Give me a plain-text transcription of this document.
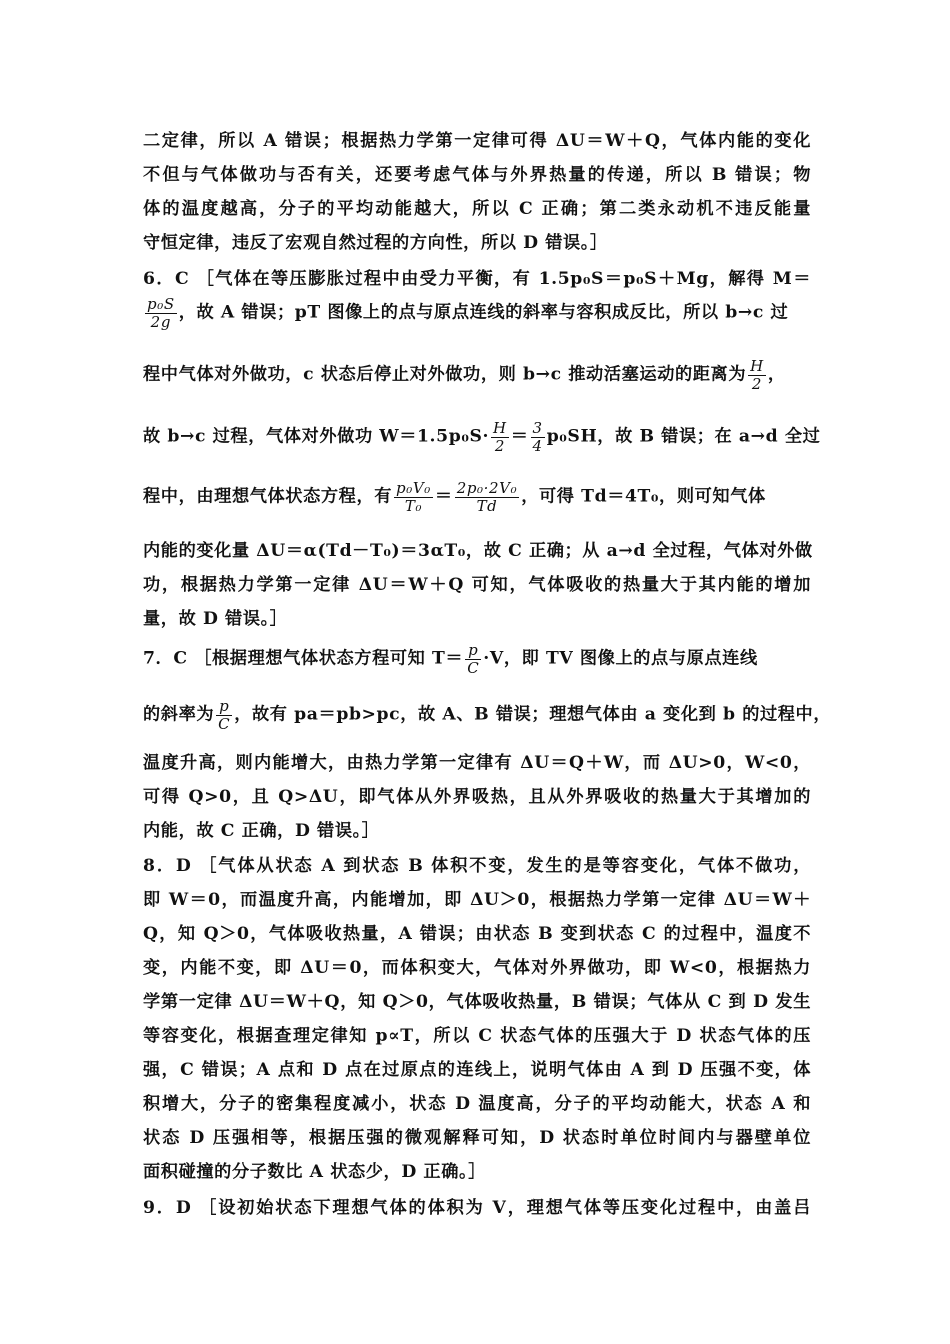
二定律，所以 A 错误；根据热力学第一定律可得 ΔU＝W＋Q，气体内能的变化
不但与气体做功与否有关，还要考虑气体与外界热量的传递，所以 B 错误；物
体的温度越高，分子的平均动能越大，所以 C 正确；第二类永动机不违反能量
守恒定律，违反了宏观自然过程的方向性，所以 D 错误。］
6．C ［气体在等压膨胀过程中由受力平衡，有 1.5p₀S＝p₀S＋Mg，解得 M＝
$\frac{\text{p₀S}}{2g}$ ，故 A 错误；pT 图像上的点与原点连线的斜率与容积成反比，所以 b→c 过
程中气体对外做功，c 状态后停止对外做功，则 b→c 推动活塞运动的距离为 $\frac{H}{2}$ ，
故 b→c 过程，气体对外做功 $W=1.5p_0S\cdot \frac{H}{2} = \frac{3}{4} p_0SH$，故 B 错误；在 a→d 全过
程中，由理想气体状态方程，有 $\frac{\text{p₀V₀}}{\text{T₀}} = \frac{\text{2p₀·2V₀}}{Td}$ ，可得 Td＝4T₀，则可知气体
内能的变化量 ΔU＝α(Td－T₀)＝3αT₀，故 C 正确；从 a→d 全过程，气体对外做
功，根据热力学第一定律 ΔU＝W＋Q 可知，气体吸收的热量大于其内能的增加
量，故 D 错误。］
7．C ［根据理想气体状态方程可知 $T= \frac{p}{C} \cdot V$，即 TV 图像上的点与原点连线
的斜率为 $\frac{p}{C}$ ，故有 pa＝pb>pc，故 A、B 错误；理想气体由 a 变化到 b 的过程中，
温度升高，则内能增大，由热力学第一定律有 ΔU＝Q＋W，而 ΔU>0，W<0，
可得 Q>0，且 Q>ΔU，即气体从外界吸热，且从外界吸收的热量大于其增加的
内能，故 C 正确，D 错误。］
8．D ［气体从状态 A 到状态 B 体积不变，发生的是等容变化，气体不做功，
即 W＝0，而温度升高，内能增加，即 ΔU＞0，根据热力学第一定律 ΔU＝W＋
Q，知 Q＞0，气体吸收热量，A 错误；由状态 B 变到状态 C 的过程中，温度不
变，内能不变，即 ΔU＝0，而体积变大，气体对外界做功，即 W<0，根据热力
学第一定律 ΔU＝W＋Q，知 Q＞0，气体吸收热量，B 错误；气体从 C 到 D 发生
等容变化，根据查理定律知 p∝T，所以 C 状态气体的压强大于 D 状态气体的压
强，C 错误；A 点和 D 点在过原点的连线上，说明气体由 A 到 D 压强不变，体
积增大，分子的密集程度减小，状态 D 温度高，分子的平均动能大，状态 A 和
状态 D 压强相等，根据压强的微观解释可知，D 状态时单位时间内与器壁单位
面积碰撞的分子数比 A 状态少，D 正确。］
9．D ［设初始状态下理想气体的体积为 V，理想气体等压变化过程中，由盖吕
